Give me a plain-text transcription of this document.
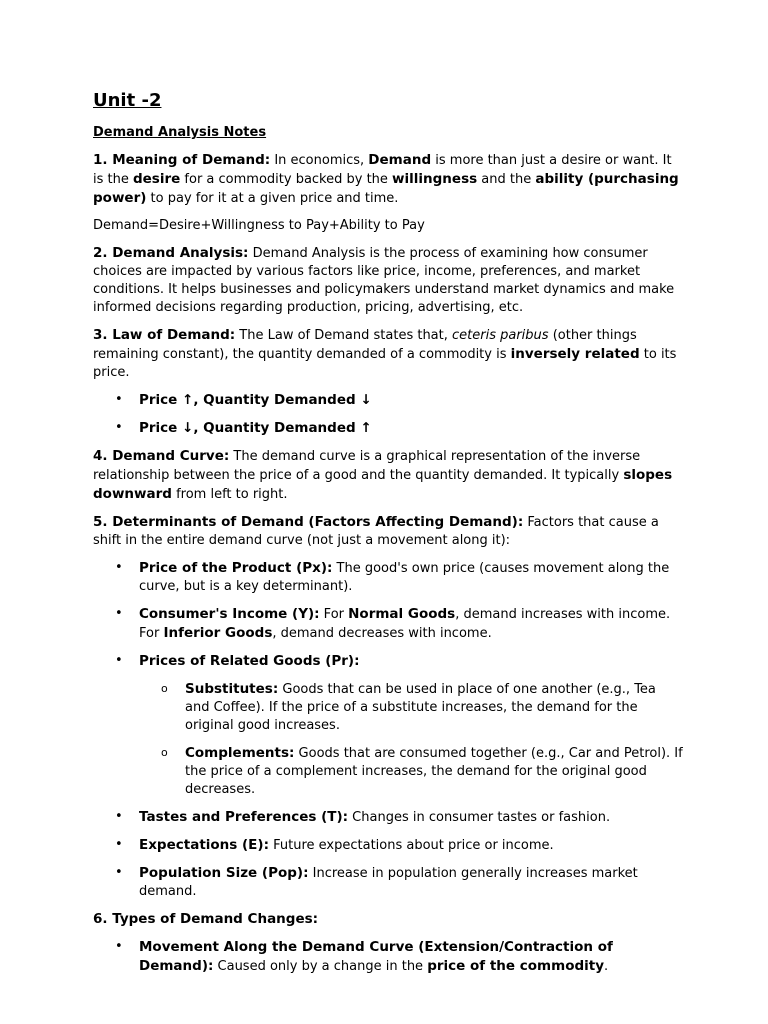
Unit -2
Demand Analysis Notes

1. Meaning of Demand: In economics, Demand is more than just a desire or want. It is the desire for a commodity backed by the willingness and the ability (purchasing power) to pay for it at a given price and time.

Demand=Desire+Willingness to Pay+Ability to Pay

2. Demand Analysis: Demand Analysis is the process of examining how consumer choices are impacted by various factors like price, income, preferences, and market conditions. It helps businesses and policymakers understand market dynamics and make informed decisions regarding production, pricing, advertising, etc.

3. Law of Demand: The Law of Demand states that, ceteris paribus (other things remaining constant), the quantity demanded of a commodity is inversely related to its price.

• Price ↑, Quantity Demanded ↓
• Price ↓, Quantity Demanded ↑

4. Demand Curve: The demand curve is a graphical representation of the inverse relationship between the price of a good and the quantity demanded. It typically slopes downward from left to right.

5. Determinants of Demand (Factors Affecting Demand): Factors that cause a shift in the entire demand curve (not just a movement along it):

• Price of the Product (Px): The good's own price (causes movement along the curve, but is a key determinant).
• Consumer's Income (Y): For Normal Goods, demand increases with income. For Inferior Goods, demand decreases with income.
• Prices of Related Goods (Pr):
o Substitutes: Goods that can be used in place of one another (e.g., Tea and Coffee). If the price of a substitute increases, the demand for the original good increases.
o Complements: Goods that are consumed together (e.g., Car and Petrol). If the price of a complement increases, the demand for the original good decreases.
• Tastes and Preferences (T): Changes in consumer tastes or fashion.
• Expectations (E): Future expectations about price or income.
• Population Size (Pop): Increase in population generally increases market demand.

6. Types of Demand Changes:

• Movement Along the Demand Curve (Extension/Contraction of Demand): Caused only by a change in the price of the commodity.
